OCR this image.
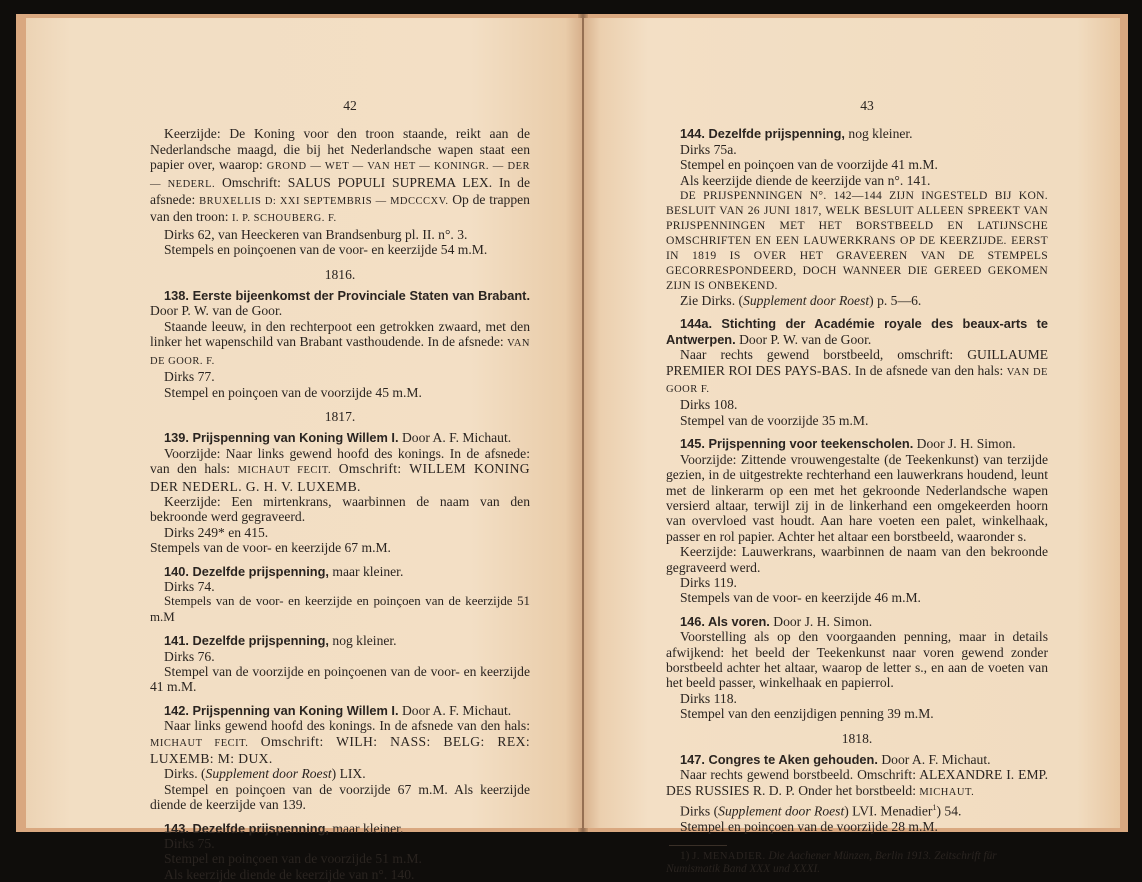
42

Keerzijde: De Koning voor den troon staande, reikt aan de Nederlandsche maagd, die bij het Nederlandsche wapen staat een papier over, waarop: GROND — WET — VAN HET — KONINGR. — DER — NEDERL. Omschrift: SALUS POPULI SUPREMA LEX. In de afsnede: BRUXELLIS D: XXI SEPTEMBRIS — MDCCCXV. Op de trappen van den troon: I. P. SCHOUBERG. F.

Dirks 62, van Heeckeren van Brandsenburg pl. II. n°. 3.

Stempels en poinçoenen van de voor- en keerzijde 54 m.M.

1816.

138. Eerste bijeenkomst der Provinciale Staten van Brabant. Door P. W. van de Goor.

Staande leeuw, in den rechterpoot een getrokken zwaard, met den linker het wapenschild van Brabant vasthoudende. In de afsnede: VAN DE GOOR. F.

Dirks 77.

Stempel en poinçoen van de voorzijde 45 m.M.

1817.

139. Prijspenning van Koning Willem I. Door A. F. Michaut.

Voorzijde: Naar links gewend hoofd des konings. In de afsnede: van den hals: MICHAUT FECIT. Omschrift: WILLEM KONING DER NEDERL. G. H. V. LUXEMB.

Keerzijde: Een mirtenkrans, waarbinnen de naam van den bekroonde werd gegraveerd.

Dirks 249* en 415.

Stempels van de voor- en keerzijde 67 m.M.

140. Dezelfde prijspenning, maar kleiner.

Dirks 74.

Stempels van de voor- en keerzijde en poinçoen van de keerzijde 51 m.M

141. Dezelfde prijspenning, nog kleiner.

Dirks 76.

Stempel van de voorzijde en poinçoenen van de voor- en keerzijde 41 m.M.

142. Prijspenning van Koning Willem I. Door A. F. Michaut.

Naar links gewend hoofd des konings. In de afsnede van den hals: MICHAUT FECIT. Omschrift: WILH: NASS: BELG: REX: LUXEMB: M: DUX.

Dirks. (Supplement door Roest) LIX.

Stempel en poinçoen van de voorzijde 67 m.M. Als keerzijde diende de keerzijde van 139.

143. Dezelfde prijspenning, maar kleiner.

Dirks 75.

Stempel en poinçoen van de voorzijde 51 m.M.

Als keerzijde diende de keerzijde van n°. 140.

43

144. Dezelfde prijspenning, nog kleiner.

Dirks 75a.

Stempel en poinçoen van de voorzijde 41 m.M.

Als keerzijde diende de keerzijde van n°. 141.

DE PRIJSPENNINGEN N°. 142—144 ZIJN INGESTELD BIJ KON. BESLUIT VAN 26 JUNI 1817, WELK BESLUIT ALLEEN SPREEKT VAN PRIJSPENNINGEN MET HET BORSTBEELD EN LATIJNSCHE OMSCHRIFTEN EN EEN LAUWERKRANS OP DE KEERZIJDE. EERST IN 1819 IS OVER HET GRAVEEREN VAN DE STEMPELS GECORRESPONDEERD, DOCH WANNEER DIE GEREED GEKOMEN ZIJN IS ONBEKEND.

Zie Dirks. (Supplement door Roest) p. 5—6.

144a. Stichting der Académie royale des beaux-arts te Antwerpen. Door P. W. van de Goor.

Naar rechts gewend borstbeeld, omschrift: GUILLAUME PREMIER ROI DES PAYS-BAS. In de afsnede van den hals: VAN DE GOOR F.

Dirks 108.

Stempel van de voorzijde 35 m.M.

145. Prijspenning voor teekenscholen. Door J. H. Simon.

Voorzijde: Zittende vrouwengestalte (de Teekenkunst) van terzijde gezien, in de uitgestrekte rechterhand een lauwerkrans houdend, leunt met de linkerarm op een met het gekroonde Nederlandsche wapen versierd altaar, terwijl zij in de linkerhand een omgekeerden hoorn van overvloed vast houdt. Aan hare voeten een palet, winkelhaak, passer en rol papier. Achter het altaar een borstbeeld, waaronder s.

Keerzijde: Lauwerkrans, waarbinnen de naam van den bekroonde gegraveerd werd.

Dirks 119.

Stempels van de voor- en keerzijde 46 m.M.

146. Als voren. Door J. H. Simon.

Voorstelling als op den voorgaanden penning, maar in details afwijkend: het beeld der Teekenkunst naar voren gewend zonder borstbeeld achter het altaar, waarop de letter s., en aan de voeten van het beeld passer, winkelhaak en papierrol.

Dirks 118.

Stempel van den eenzijdigen penning 39 m.M.

1818.

147. Congres te Aken gehouden. Door A. F. Michaut.

Naar rechts gewend borstbeeld. Omschrift: ALEXANDRE I. EMP. DES RUSSIES R. D. P. Onder het borstbeeld: MICHAUT.

Dirks (Supplement door Roest) LVI. Menadier$^1$) 54.

Stempel en poinçoen van de voorzijde 28 m.M.

1) J. MENADIER. Die Aachener Münzen, Berlin 1913. Zeitschrift für Numismatik Band XXX und XXXI.
